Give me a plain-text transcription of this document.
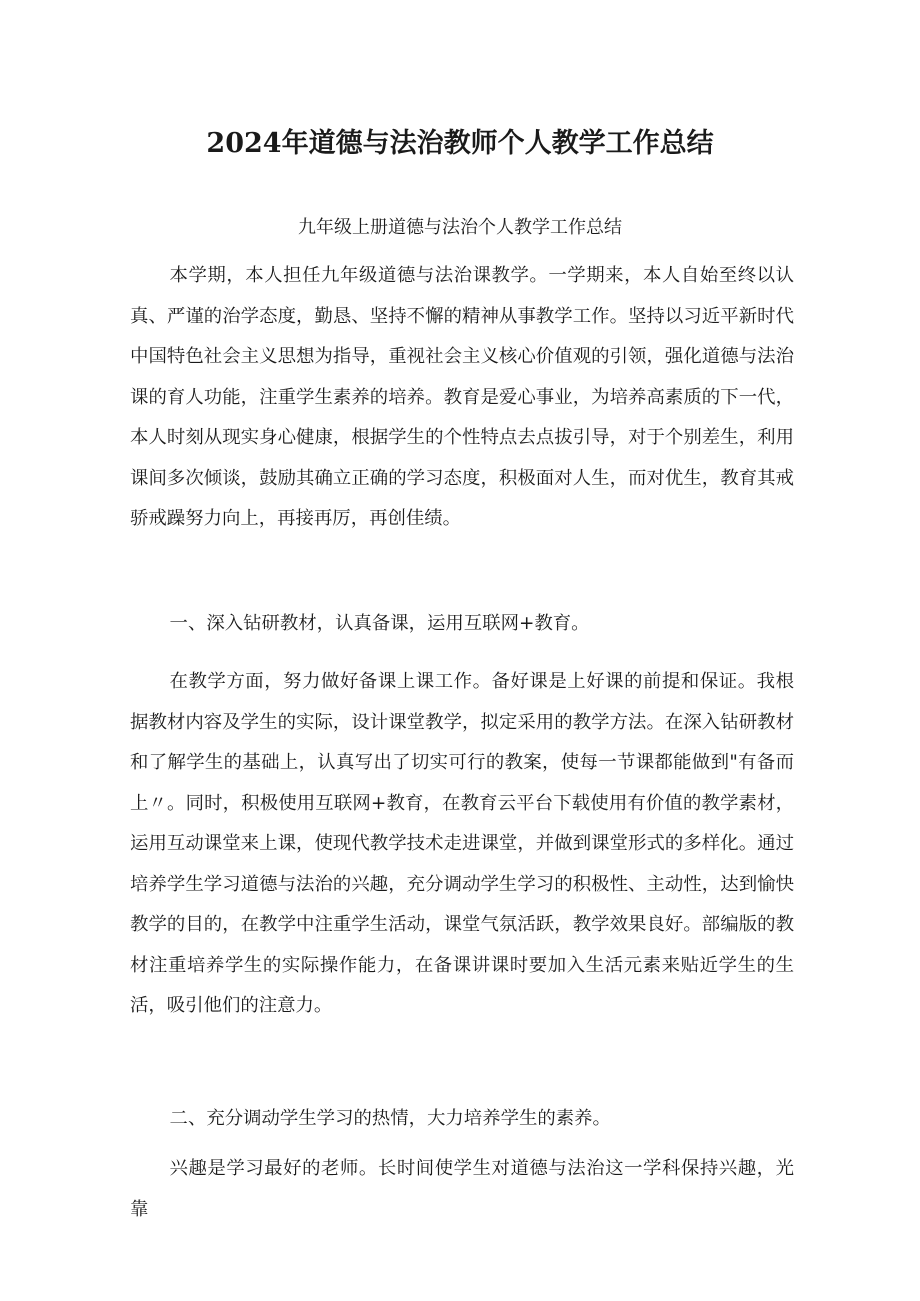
2024年道德与法治教师个人教学工作总结

九年级上册道德与法治个人教学工作总结

本学期，本人担任九年级道德与法治课教学。一学期来，本人自始至终以认真、严谨的治学态度，勤恳、坚持不懈的精神从事教学工作。坚持以习近平新时代中国特色社会主义思想为指导，重视社会主义核心价值观的引领，强化道德与法治课的育人功能，注重学生素养的培养。教育是爱心事业，为培养高素质的下一代，本人时刻从现实身心健康，根据学生的个性特点去点拔引导，对于个别差生，利用课间多次倾谈，鼓励其确立正确的学习态度，积极面对人生，而对优生，教育其戒骄戒躁努力向上，再接再厉，再创佳绩。

一、深入钻研教材，认真备课，运用互联网+教育。

在教学方面，努力做好备课上课工作。备好课是上好课的前提和保证。我根据教材内容及学生的实际，设计课堂教学，拟定采用的教学方法。在深入钻研教材和了解学生的基础上，认真写出了切实可行的教案，使每一节课都能做到"有备而上〃。同时，积极使用互联网+教育，在教育云平台下载使用有价值的教学素材，运用互动课堂来上课，使现代教学技术走进课堂，并做到课堂形式的多样化。通过培养学生学习道德与法治的兴趣，充分调动学生学习的积极性、主动性，达到愉快教学的目的，在教学中注重学生活动，课堂气氛活跃，教学效果良好。部编版的教材注重培养学生的实际操作能力，在备课讲课时要加入生活元素来贴近学生的生活，吸引他们的注意力。

二、充分调动学生学习的热情，大力培养学生的素养。

兴趣是学习最好的老师。长时间使学生对道德与法治这一学科保持兴趣，光靠
